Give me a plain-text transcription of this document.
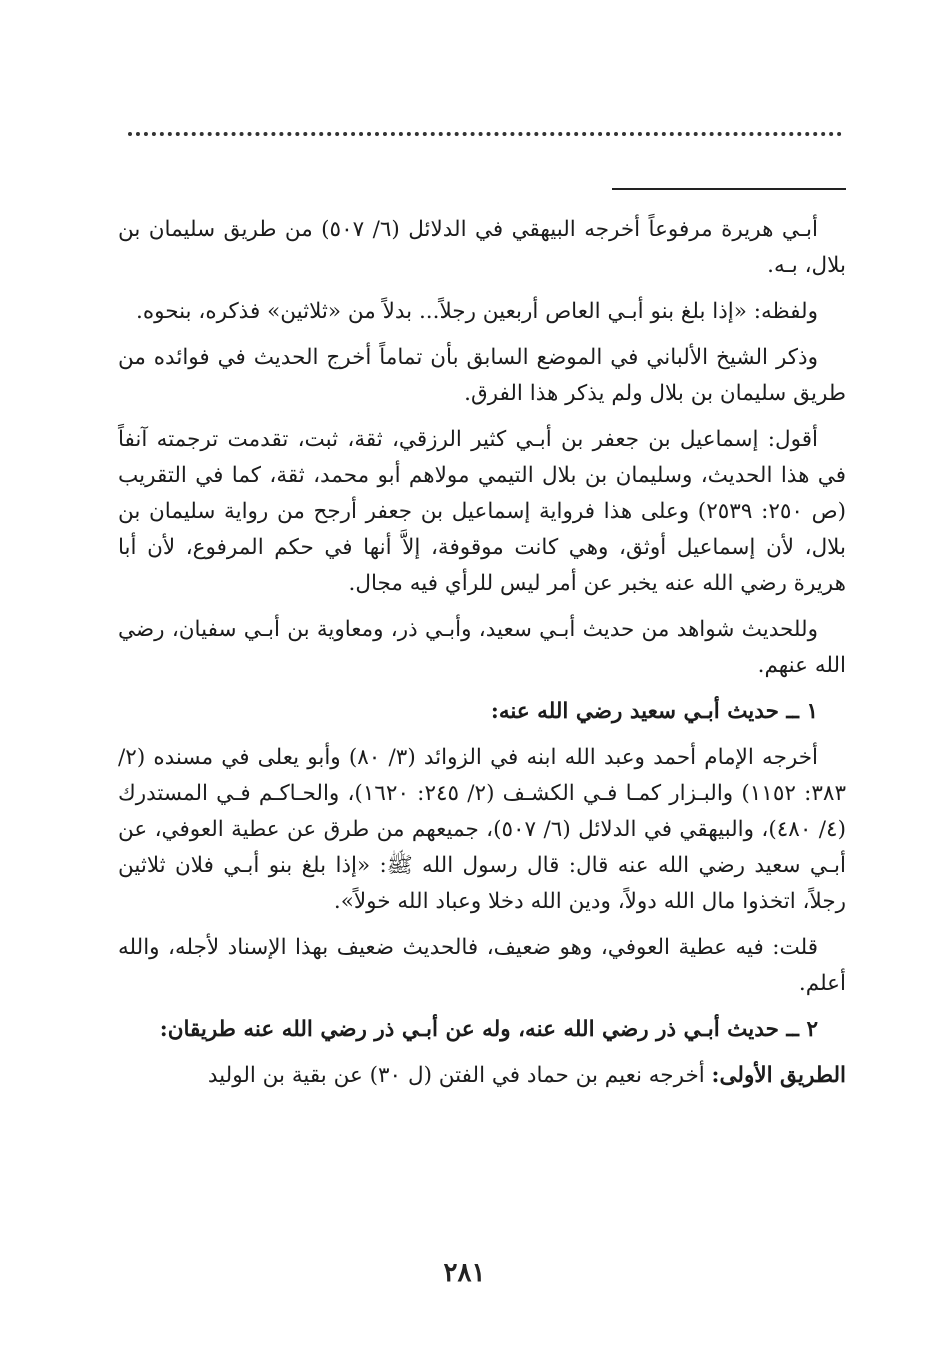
أبـي هريرة مرفوعاً أخرجه البيهقي في الدلائل (٦/ ٥٠٧) من طريق سليمان بن بلال، بـه.

ولفظه: «إذا بلغ بنو أبـي العاص أربعين رجلاً... بدلاً من «ثلاثين» فذكره، بنحوه.

وذكر الشيخ الألباني في الموضع السابق بأن تماماً أخرج الحديث في فوائده من طريق سليمان بن بلال ولم يذكر هذا الفرق.

أقول: إسماعيل بن جعفر بن أبـي كثير الرزقي، ثقة، ثبت، تقدمت ترجمته آنفاً في هذا الحديث، وسليمان بن بلال التيمي مولاهم أبو محمد، ثقة، كما في التقريب (ص ٢٥٠: ٢٥٣٩) وعلى هذا فرواية إسماعيل بن جعفر أرجح من رواية سليمان بن بلال، لأن إسماعيل أوثق، وهي كانت موقوفة، إلاَّ أنها في حكم المرفوع، لأن أبا هريرة رضي الله عنه يخبر عن أمر ليس للرأي فيه مجال.

وللحديث شواهد من حديث أبـي سعيد، وأبـي ذر، ومعاوية بن أبـي سفيان، رضي الله عنهم.

١ ــ حديث أبـي سعيد رضي الله عنه:

أخرجه الإمام أحمد وعبد الله ابنه في الزوائد (٣/ ٨٠) وأبو يعلى في مسنده (٢/ ٣٨٣: ١١٥٢) والبـزار كمـا فـي الكشـف (٢/ ٢٤٥: ١٦٢٠)، والحـاكـم فـي المستدرك (٤/ ٤٨٠)، والبيهقي في الدلائل (٦/ ٥٠٧)، جميعهم من طرق عن عطية العوفي، عن أبـي سعيد رضي الله عنه قال: قال رسول الله ﷺ: «إذا بلغ بنو أبـي فلان ثلاثين رجلاً، اتخذوا مال الله دولاً، ودين الله دخلا وعباد الله خولاً».

قلت: فيه عطية العوفي، وهو ضعيف، فالحديث ضعيف بهذا الإسناد لأجله، والله أعلم.

٢ ــ حديث أبـي ذر رضي الله عنه، وله عن أبـي ذر رضي الله عنه طريقان:

الطريق الأولى: أخرجه نعيم بن حماد في الفتن (ل ٣٠) عن بقية بن الوليد

٢٨١
